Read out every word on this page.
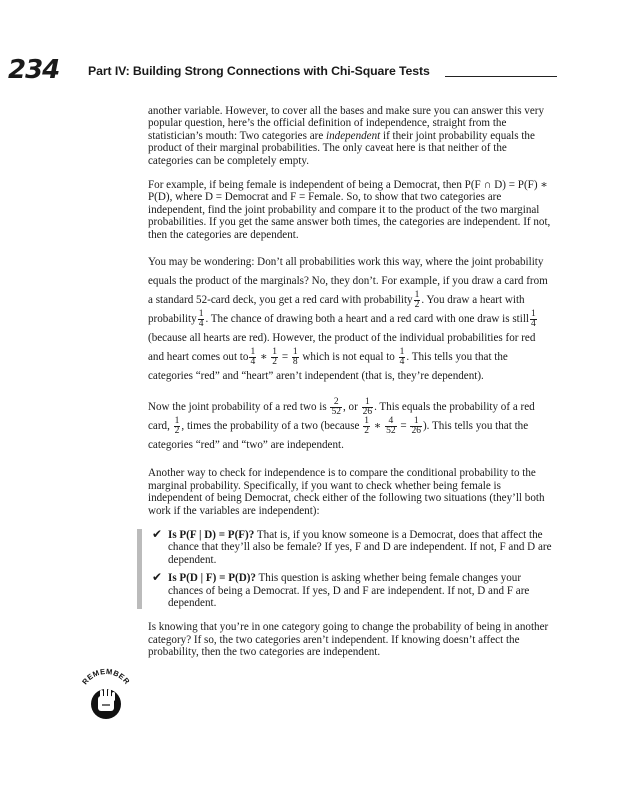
234 Part IV: Building Strong Connections with Chi-Square Tests

another variable. However, to cover all the bases and make sure you can answer this very popular question, here’s the official definition of independence, straight from the statistician’s mouth: Two categories are independent if their joint probability equals the product of their marginal probabilities. The only caveat here is that neither of the categories can be completely empty.

For example, if being female is independent of being a Democrat, then P(F ∩ D) = P(F) ∗ P(D), where D = Democrat and F = Female. So, to show that two categories are independent, find the joint probability and compare it to the product of the two marginal probabilities. If you get the same answer both times, the categories are independent. If not, then the categories are dependent.

You may be wondering: Don’t all probabilities work this way, where the joint probability equals the product of the marginals? No, they don’t. For example, if you draw a card from a standard 52-card deck, you get a red card with probability $\frac{1}{2}$ . You draw a heart with probability $\frac{1}{4}$ . The chance of drawing both a heart and a red card with one draw is still $\frac{1}{4}$
(because all hearts are red). However, the product of the individual probabilities for red and heart comes out to $\frac{1}{4}$ ∗ $\frac{1}{2} = \frac{1}{8}$ which is not equal to $\frac{1}{4}$ . This tells you that the categories “red” and “heart” aren’t independent (that is, they’re dependent).

Now the joint probability of a red two is $\frac{2}{52}$ , or $\frac{1}{26}$ . This equals the probability of a red card, $\frac{1}{2}$ , times the probability of a two (because $\frac{1}{2}$ ∗ $\frac{4}{52} = \frac{1}{26}$ ). This tells you that the categories “red” and “two” are independent.

Another way to check for independence is to compare the conditional probability to the marginal probability. Specifically, if you want to check whether being female is independent of being Democrat, check either of the following two situations (they’ll both work if the variables are independent):

✔ Is P(F | D) = P(F)? That is, if you know someone is a Democrat, does that affect the chance that they’ll also be female? If yes, F and D are independent. If not, F and D are dependent.
✔ Is P(D | F) = P(D)? This question is asking whether being female changes your chances of being a Democrat. If yes, D and F are independent. If not, D and F are dependent.

Is knowing that you’re in one category going to change the probability of being in another category? If so, the two categories aren’t independent. If knowing doesn’t affect the probability, then the two categories are independent.

REMEMBER
